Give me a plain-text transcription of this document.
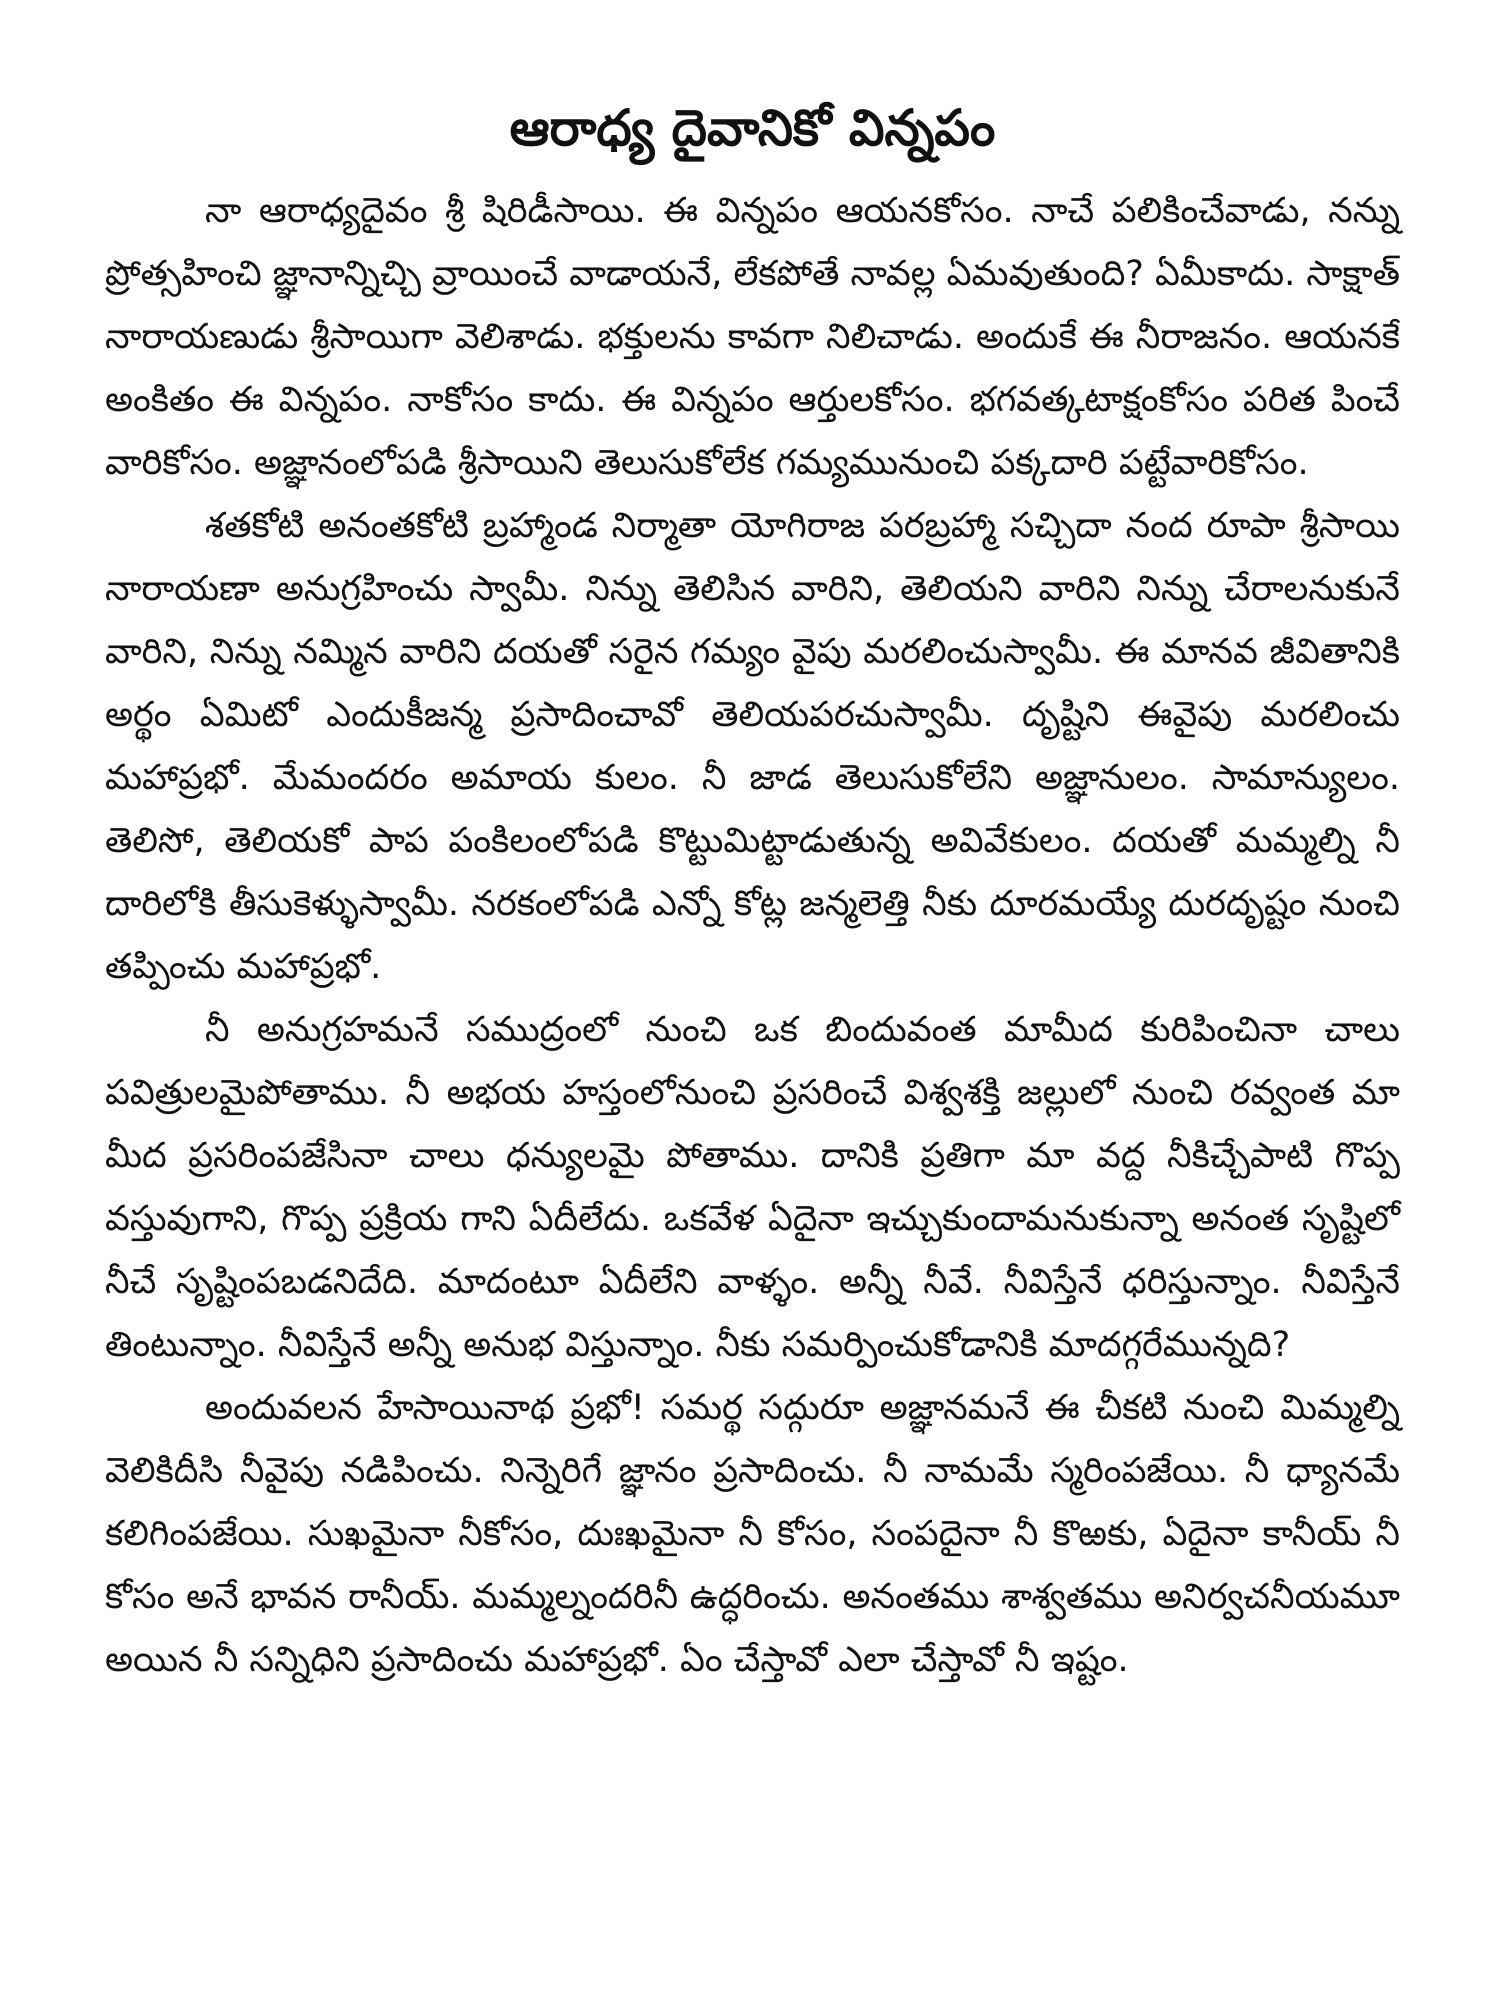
ఆరాధ్య దైవానికో విన్నపం

నా ఆరాధ్యదైవం శ్రీ షిరిడీసాయి. ఈ విన్నపం ఆయనకోసం. నాచే పలికించేవాడు, నన్ను ప్రోత్సహించి జ్ఞానాన్నిచ్చి వ్రాయించే వాడాయనే, లేకపోతే నావల్ల ఏమవుతుంది? ఏమీకాదు. సాక్షాత్ నారాయణుడు శ్రీసాయిగా వెలిశాడు. భక్తులను కావగా నిలిచాడు. అందుకే ఈ నీరాజనం. ఆయనకే అంకితం ఈ విన్నపం. నాకోసం కాదు. ఈ విన్నపం ఆర్తులకోసం. భగవత్కటాక్షంకోసం పరిత పించే వారికోసం. అజ్ఞానంలోపడి శ్రీసాయిని తెలుసుకోలేక గమ్యమునుంచి పక్కదారి పట్టేవారికోసం.

శతకోటి అనంతకోటి బ్రహ్మాండ నిర్మాతా యోగిరాజ పరబ్రహ్మా సచ్చిదా నంద రూపా శ్రీసాయి నారాయణా అనుగ్రహించు స్వామీ. నిన్ను తెలిసిన వారిని, తెలియని వారిని నిన్ను చేరాలనుకునే వారిని, నిన్ను నమ్మిన వారిని దయతో సరైన గమ్యం వైపు మరలించుస్వామీ. ఈ మానవ జీవితానికి అర్థం ఏమిటో ఎందుకీజన్మ ప్రసాదించావో తెలియపరచుస్వామీ. దృష్టిని ఈవైపు మరలించు మహాప్రభో. మేమందరం అమాయ కులం. నీ జాడ తెలుసుకోలేని అజ్ఞానులం. సామాన్యులం. తెలిసో, తెలియకో పాప పంకిలంలోపడి కొట్టుమిట్టాడుతున్న అవివేకులం. దయతో మమ్మల్ని నీ దారిలోకి తీసుకెళ్ళుస్వామీ. నరకంలోపడి ఎన్నో కోట్ల జన్మలెత్తి నీకు దూరమయ్యే దురదృష్టం నుంచి తప్పించు మహాప్రభో.

నీ అనుగ్రహమనే సముద్రంలో నుంచి ఒక బిందువంత మామీద కురిపించినా చాలు పవిత్రులమైపోతాము. నీ అభయ హస్తంలోనుంచి ప్రసరించే విశ్వశక్తి జల్లులో నుంచి రవ్వంత మా మీద ప్రసరింపజేసినా చాలు ధన్యులమై పోతాము. దానికి ప్రతిగా మా వద్ద నీకిచ్చేపాటి గొప్ప వస్తువుగాని, గొప్ప ప్రక్రియ గాని ఏదీలేదు. ఒకవేళ ఏదైనా ఇచ్చుకుందామనుకున్నా అనంత సృష్టిలో నీచే సృష్టింపబడనిదేది. మాదంటూ ఏదీలేని వాళ్ళం. అన్నీ నీవే. నీవిస్తేనే ధరిస్తున్నాం. నీవిస్తేనే తింటున్నాం. నీవిస్తేనే అన్నీ అనుభ విస్తున్నాం. నీకు సమర్పించుకోడానికి మాదగ్గరేమున్నది?

అందువలన హేసాయినాథ ప్రభో! సమర్థ సద్గురూ అజ్ఞానమనే ఈ చీకటి నుంచి మిమ్మల్ని వెలికిదీసి నీవైపు నడిపించు. నిన్నెరిగే జ్ఞానం ప్రసాదించు. నీ నామమే స్మరింపజేయి. నీ ధ్యానమే కలిగింపజేయి. సుఖమైనా నీకోసం, దుఃఖమైనా నీ కోసం, సంపదైనా నీ కొఱకు, ఏదైనా కానీయ్ నీ కోసం అనే భావన రానీయ్. మమ్మల్నందరినీ ఉద్ధరించు. అనంతము శాశ్వతము అనిర్వచనీయమూ అయిన నీ సన్నిధిని ప్రసాదించు మహాప్రభో. ఏం చేస్తావో ఎలా చేస్తావో నీ ఇష్టం.
